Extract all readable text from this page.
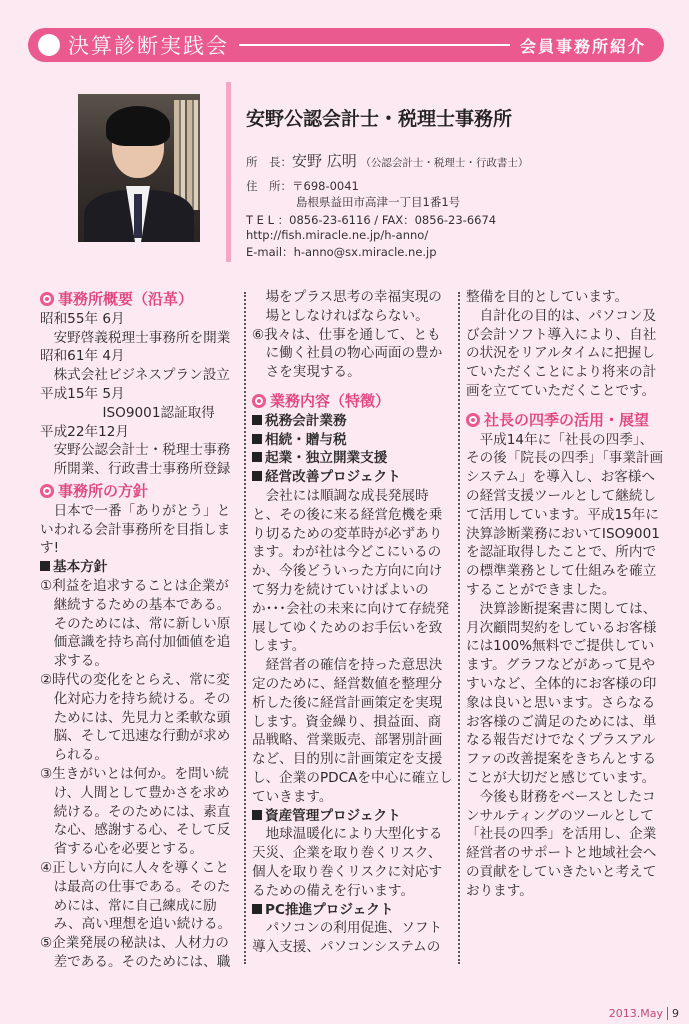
決算診断実践会	会員事務所紹介
安野公認会計士・税理士事務所
所　長：安野 広明 （公認会計士・税理士・行政書士）
住　所：〒698-0041
島根県益田市高津一丁目1番1号
T E L ：0856-23-6116 / FAX：0856-23-6674
http://fish.miracle.ne.jp/h-anno/
E-mail：h-anno@sx.miracle.ne.jp
事務所概要（沿革）
昭和55年 6月
安野啓義税理士事務所を開業
昭和61年 4月
株式会社ビジネスプラン設立
平成15年 5月
ISO9001認証取得
平成22年12月
安野公認会計士・税理士事務所開業、行政書士事務所登録
事務所の方針
日本で一番「ありがとう」といわれる会計事務所を目指します!
基本方針
①利益を追求することは企業が継続するための基本である。そのためには、常に新しい原価意識を持ち高付加価値を追求する。
②時代の変化をとらえ、常に変化対応力を持ち続ける。そのためには、先見力と柔軟な頭脳、そして迅速な行動が求められる。
③生きがいとは何か。を問い続け、人間として豊かさを求め続ける。そのためには、素直な心、感謝する心、そして反省する心を必要とする。
④正しい方向に人々を導くことは最高の仕事である。そのためには、常に自己練成に励み、高い理想を追い続ける。
⑤企業発展の秘訣は、人材力の差である。そのためには、職
場をプラス思考の幸福実現の場としなければならない。
⑥我々は、仕事を通して、ともに働く社員の物心両面の豊かさを実現する。
業務内容（特徴）
税務会計業務
相続・贈与税
起業・独立開業支援
経営改善プロジェクト
会社には順調な成長発展時と、その後に来る経営危機を乗り切るための変革時が必ずあります。わが社は今どこにいるのか、今後どういった方向に向けて努力を続けていけばよいのか･･･会社の未来に向けて存続発展してゆくためのお手伝いを致します。
経営者の確信を持った意思決定のために、経営数値を整理分析した後に経営計画策定を実現します。資金繰り、損益面、商品戦略、営業販売、部署別計画など、目的別に計画策定を支援し、企業のPDCAを中心に確立していきます。
資産管理プロジェクト
地球温暖化により大型化する天災、企業を取り巻くリスク、個人を取り巻くリスクに対応するための備えを行います。
PC推進プロジェクト
パソコンの利用促進、ソフト導入支援、パソコンシステムの
整備を目的としています。
自計化の目的は、パソコン及び会計ソフト導入により、自社の状況をリアルタイムに把握していただくことにより将来の計画を立てていただくことです。
社長の四季の活用・展望
平成14年に「社長の四季」、その後「院長の四季」「事業計画システム」を導入し、お客様への経営支援ツールとして継続して活用しています。平成15年に決算診断業務においてISO9001を認証取得したことで、所内での標準業務として仕組みを確立することができました。
決算診断提案書に関しては、月次顧問契約をしているお客様には100%無料でご提供しています。グラフなどがあって見やすいなど、全体的にお客様の印象は良いと思います。さらなるお客様のご満足のためには、単なる報告だけでなくプラスアルファの改善提案をきちんとすることが大切だと感じています。
今後も財務をベースとしたコンサルティングのツールとして「社長の四季」を活用し、企業経営者のサポートと地域社会への貢献をしていきたいと考えております。
2013.May 9
